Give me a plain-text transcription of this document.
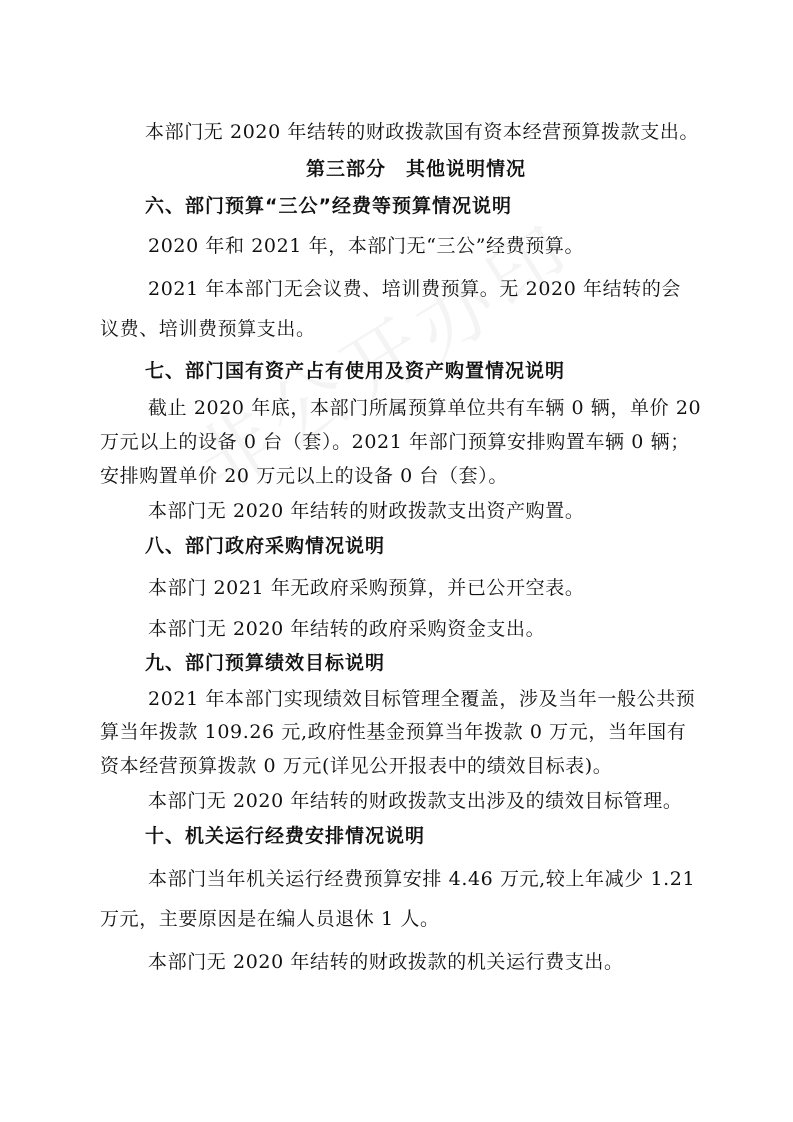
本部门无 2020 年结转的财政拨款国有资本经营预算拨款支出。
第三部分　其他说明情况
六、部门预算“三公”经费等预算情况说明
2020 年和 2021 年，本部门无“三公”经费预算。
2021 年本部门无会议费、培训费预算。无 2020 年结转的会
议费、培训费预算支出。
七、部门国有资产占有使用及资产购置情况说明
截止 2020 年底，本部门所属预算单位共有车辆 0 辆，单价 20
万元以上的设备 0 台（套）。2021 年部门预算安排购置车辆 0 辆；
安排购置单价 20 万元以上的设备 0 台（套）。
本部门无 2020 年结转的财政拨款支出资产购置。
八、部门政府采购情况说明
本部门 2021 年无政府采购预算，并已公开空表。
本部门无 2020 年结转的政府采购资金支出。
九、部门预算绩效目标说明
2021 年本部门实现绩效目标管理全覆盖，涉及当年一般公共预
算当年拨款 109.26 元,政府性基金预算当年拨款 0 万元，当年国有
资本经营预算拨款 0 万元(详见公开报表中的绩效目标表)。
本部门无 2020 年结转的财政拨款支出涉及的绩效目标管理。
十、机关运行经费安排情况说明
本部门当年机关运行经费预算安排 4.46 万元,较上年减少 1.21
万元，主要原因是在编人员退休 1 人。
本部门无 2020 年结转的财政拨款的机关运行费支出。
